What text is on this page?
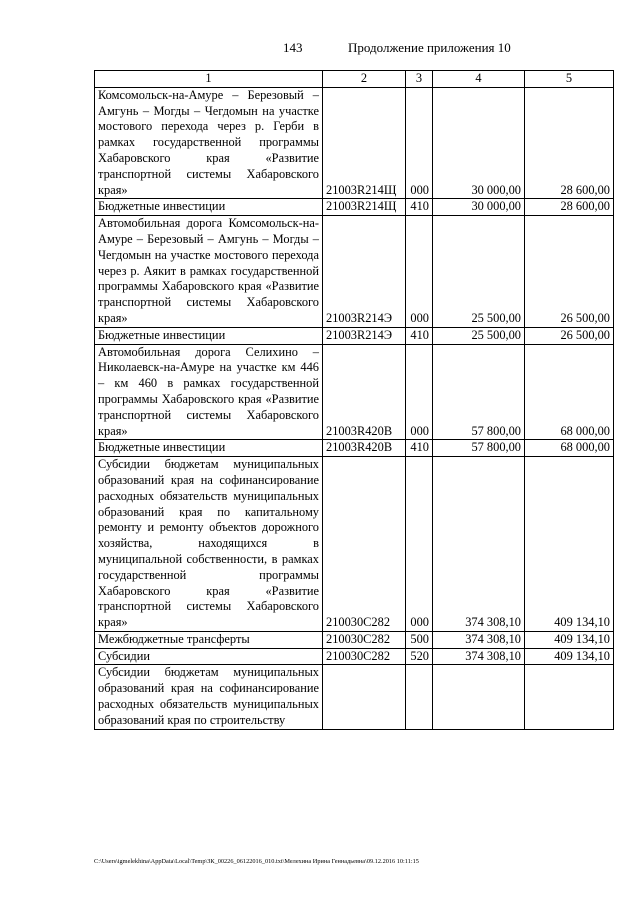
143	Продолжение приложения 10
1	2	3	4	5
Комсомольск-на-Амуре – Березовый – Амгунь – Могды – Чегдомын на участке мостового перехода через р. Герби в рамках государственной программы Хабаровского края «Развитие транспортной системы Хабаровского края»	21003R214Щ	000	30 000,00	28 600,00
Бюджетные инвестиции	21003R214Щ	410	30 000,00	28 600,00
Автомобильная дорога Комсомольск-на-Амуре – Березовый – Амгунь – Могды – Чегдомын на участке мостового перехода через р. Аякит в рамках государственной программы Хабаровского края «Развитие транспортной системы Хабаровского края»	21003R214Э	000	25 500,00	26 500,00
Бюджетные инвестиции	21003R214Э	410	25 500,00	26 500,00
Автомобильная дорога Селихино – Николаевск-на-Амуре на участке км 446 – км 460 в рамках государственной программы Хабаровского края «Развитие транспортной системы Хабаровского края»	21003R420В	000	57 800,00	68 000,00
Бюджетные инвестиции	21003R420В	410	57 800,00	68 000,00
Субсидии бюджетам муниципальных образований края на софинансирование расходных обязательств муниципальных образований края по капитальному ремонту и ремонту объектов дорожного хозяйства, находящихся в муниципальной собственности, в рамках государственной программы Хабаровского края «Развитие транспортной системы Хабаровского края»	210030С282	000	374 308,10	409 134,10
Межбюджетные трансферты	210030С282	500	374 308,10	409 134,10
Субсидии	210030С282	520	374 308,10	409 134,10
Субсидии бюджетам муниципальных образований края на софинансирование расходных обязательств муниципальных образований края по строительству				
C:\Users\igmelekhina\AppData\Local\Temp\ЗК_00226_06122016_010.txt\Мелехина Ирина Геннадьевна\09.12.2016 10:11:15
